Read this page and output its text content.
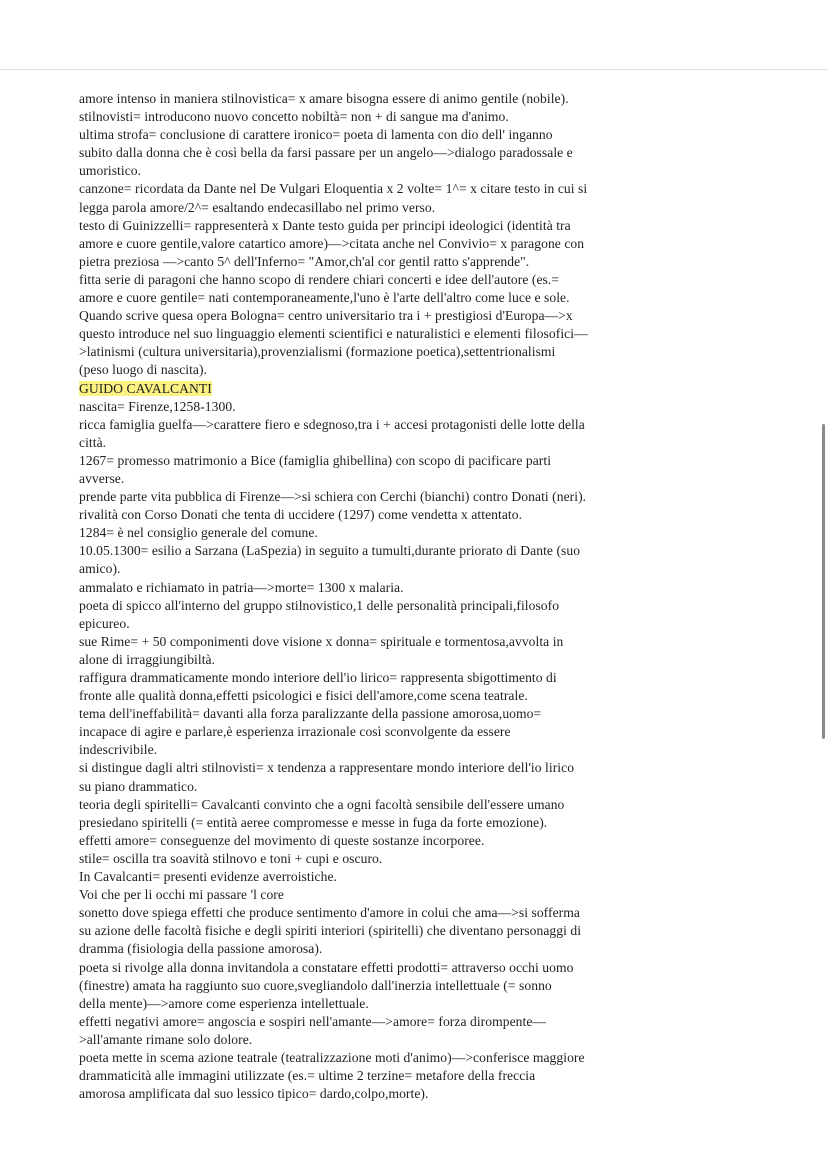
amore intenso in maniera stilnovistica= x amare bisogna essere di animo gentile (nobile).
stilnovisti= introducono nuovo concetto nobiltà= non + di sangue ma d'animo.
ultima strofa= conclusione di carattere ironico= poeta di lamenta con dio dell' inganno
subito dalla donna che è così bella da farsi passare per un angelo—>dialogo paradossale e
umoristico.
canzone= ricordata da Dante nel De Vulgari Eloquentia x 2 volte= 1^= x citare testo in cui si
legga parola amore/2^= esaltando endecasillabo nel primo verso.
testo di Guinizzelli= rappresenterà x Dante testo guida per principi ideologici (identità tra
amore e cuore gentile,valore catartico amore)—>citata anche nel Convivio= x paragone con
pietra preziosa —>canto 5^ dell'Inferno= "Amor,ch'al cor gentil ratto s'apprende".
fitta serie di paragoni che hanno scopo di rendere chiari concerti e idee dell'autore (es.=
amore e cuore gentile= nati contemporaneamente,l'uno è l'arte dell'altro come luce e sole.
Quando scrive quesa opera Bologna= centro universitario tra i + prestigiosi d'Europa—>x
questo introduce nel suo linguaggio elementi scientifici e naturalistici e elementi filosofici—
>latinismi (cultura universitaria),provenzialismi (formazione poetica),settentrionalismi
(peso luogo di nascita).
GUIDO CAVALCANTI
nascita= Firenze,1258-1300.
ricca famiglia guelfa—>carattere fiero e sdegnoso,tra i + accesi protagonisti delle lotte della
città.
1267= promesso matrimonio a Bice (famiglia ghibellina) con scopo di pacificare parti
avverse.
prende parte vita pubblica di Firenze—>si schiera con Cerchi (bianchi) contro Donati (neri).
rivalità con Corso Donati che tenta di uccidere (1297) come vendetta x attentato.
1284= è nel consiglio generale del comune.
10.05.1300= esilio a Sarzana (LaSpezia) in seguito a tumulti,durante priorato di Dante (suo
amico).
ammalato e richiamato in patria—>morte= 1300 x malaria.
poeta di spicco all'interno del gruppo stilnovistico,1 delle personalità principali,filosofo
epicureo.
sue Rime= + 50 componimenti dove visione x donna= spirituale e tormentosa,avvolta in
alone di irraggiungibiltà.
raffigura drammaticamente mondo interiore dell'io lirico= rappresenta sbigottimento di
fronte alle qualità donna,effetti psicologici e fisici dell'amore,come scena teatrale.
tema dell'ineffabilità= davanti alla forza paralizzante della passione amorosa,uomo=
incapace di agire e parlare,è esperienza irrazionale così sconvolgente da essere
indescrivibile.
si distingue dagli altri stilnovisti= x tendenza a rappresentare mondo interiore dell'io lirico
su piano drammatico.
teoria degli spiritelli= Cavalcanti convinto che a ogni facoltà sensibile dell'essere umano
presiedano spiritelli (= entità aeree compromesse e messe in fuga da forte emozione).
effetti amore= conseguenze del movimento di queste sostanze incorporee.
stile= oscilla tra soavità stilnovo e toni + cupi e oscuro.
In Cavalcanti= presenti evidenze averroistiche.
Voi che per li occhi mi passare 'l core
sonetto dove spiega effetti che produce sentimento d'amore in colui che ama—>si sofferma
su azione delle facoltà fisiche e degli spiriti interiori (spiritelli) che diventano personaggi di
dramma (fisiologia della passione amorosa).
poeta si rivolge alla donna invitandola a constatare effetti prodotti= attraverso occhi uomo
(finestre) amata ha raggiunto suo cuore,svegliandolo dall'inerzia intellettuale (= sonno
della mente)—>amore come esperienza intellettuale.
effetti negativi amore= angoscia e sospiri nell'amante—>amore= forza dirompente—
>all'amante rimane solo dolore.
poeta mette in scema azione teatrale (teatralizzazione moti d'animo)—>conferisce maggiore
drammaticità alle immagini utilizzate (es.= ultime 2 terzine= metafore della freccia
amorosa amplificata dal suo lessico tipico= dardo,colpo,morte).
